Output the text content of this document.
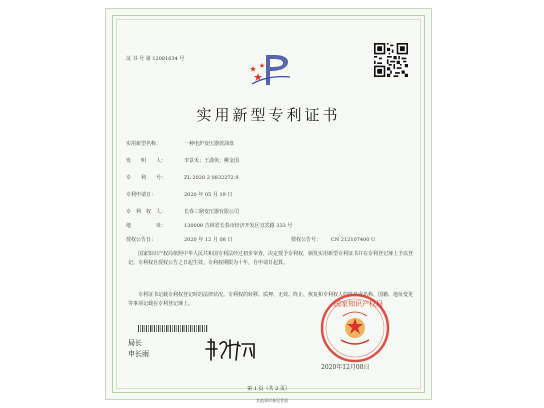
证 书 号 第 12081634 号
实用新型专利证书
实用新型名称：	一种电炉变压器放油盘
发　　明　　人：	李景禾；王潇侠；柳金国
专　　利　　号：	ZL 2020 2 0832272.9
专利申请日：	2020 年 05 月 19 日
专　利　权　人：	长春三鼎变压器有限公司
地　　　　　址：	130000 吉林省长春市经济开发区宜宾路 333 号
授权公告日：	2020 年 12 月 08 日	授权公告号： CN 212107400 U
国家知识产权局依照中华人民共和国专利法经过初步审查，决定授予专利权，颁发实用新型专利证书并在专利登记簿上予以登记。专利权自授权公告之日起生效。专利权期限为十年，自申请日起算。
专利证书记载专利权登记时的法律状况。专利权的转移、质押、无效、终止、恢复和专利权人的姓名或名称、国籍、地址变更等事项记载在专利登记簿上。
局长
申长雨
国家知识产权局
2020年12月08日
第 1 页（共 2 页）
其他事项参见背面
